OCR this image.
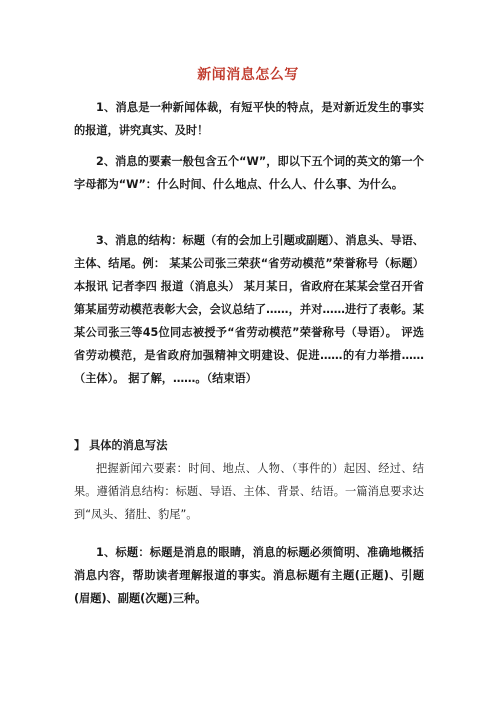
新闻消息怎么写
1、消息是一种新闻体裁，有短平快的特点，是对新近发生的事实的报道，讲究真实、及时！
2、消息的要素一般包含五个“W”，即以下五个词的英文的第一个字母都为“W”：什么时间、什么地点、什么人、什么事、为什么。
3、消息的结构：标题（有的会加上引题或副题）、消息头、导语、主体、结尾。例： 某某公司张三荣获“省劳动模范”荣誉称号（标题） 本报讯 记者李四 报道（消息头） 某月某日，省政府在某某会堂召开省第某届劳动模范表彰大会，会议总结了……，并对……进行了表彰。某某公司张三等45位同志被授予“省劳动模范”荣誉称号（导语）。 评选省劳动模范，是省政府加强精神文明建设、促进……的有力举措……（主体）。 据了解，……。（结束语）
】 具体的消息写法
把握新闻六要素：时间、地点、人物、（事件的）起因、经过、结果。遵循消息结构：标题、导语、主体、背景、结语。一篇消息要求达到“凤头、猪肚、豹尾”。
1、标题：标题是消息的眼睛，消息的标题必须简明、准确地概括消息内容，帮助读者理解报道的事实。消息标题有主题(正题)、引题(眉题)、副题(次题)三种。
